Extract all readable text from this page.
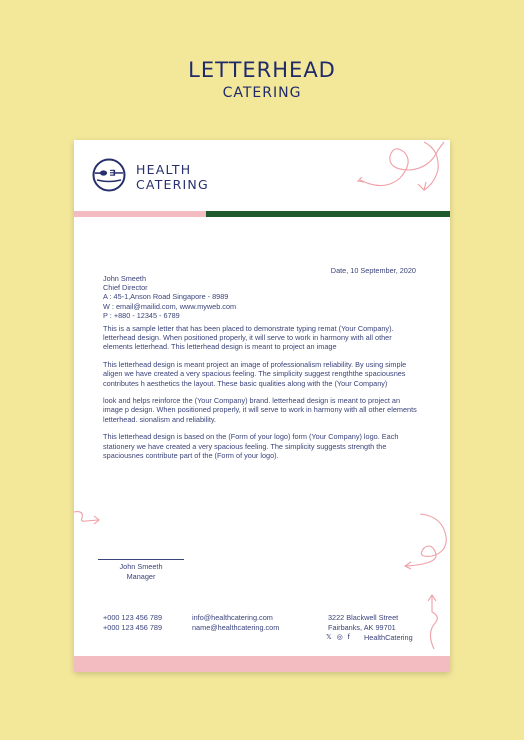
LETTERHEAD
CATERING
HEALTH
CATERING
Date, 10 September, 2020
John Smeeth
Chief Director
A : 45-1,Anson Road Singapore - 8989
W : email@mailid.com, www.myweb.com
P : +880 - 12345 - 6789

This is a sample letter that has been placed to demonstrate typing remat (Your Company). letterhead design. When positioned properly, it will serve to work in harmony with all other elements letterhead. This letterhead design is meant to project an image

This letterhead design is meant project an image of professionalism reliability. By using simple aligen we have created a very spacious feeling. The simplicity suggest rengththe spaciousnes contributes h aesthetics the layout. These basic qualities along with the (Your Company)

look and helps reinforce the (Your Company) brand. letterhead design is meant to project an image p design. When positioned properly, it will serve to work in harmony with all other elements letterhead. sionalism and reliability.

This letterhead design is based on the (Form of your logo) form (Your Company) logo. Each stationery we have created a very spacious feeling. The simplicity suggests strength the spaciousnes contribute part of the (Form of your logo).

John Smeeth
Manager
+000 123 456 789
+000 123 456 789
info@healthcatering.com
name@healthcatering.com
3222 Blackwell Street
Fairbanks, AK 99701
𝕏 ◎ f HealthCatering
